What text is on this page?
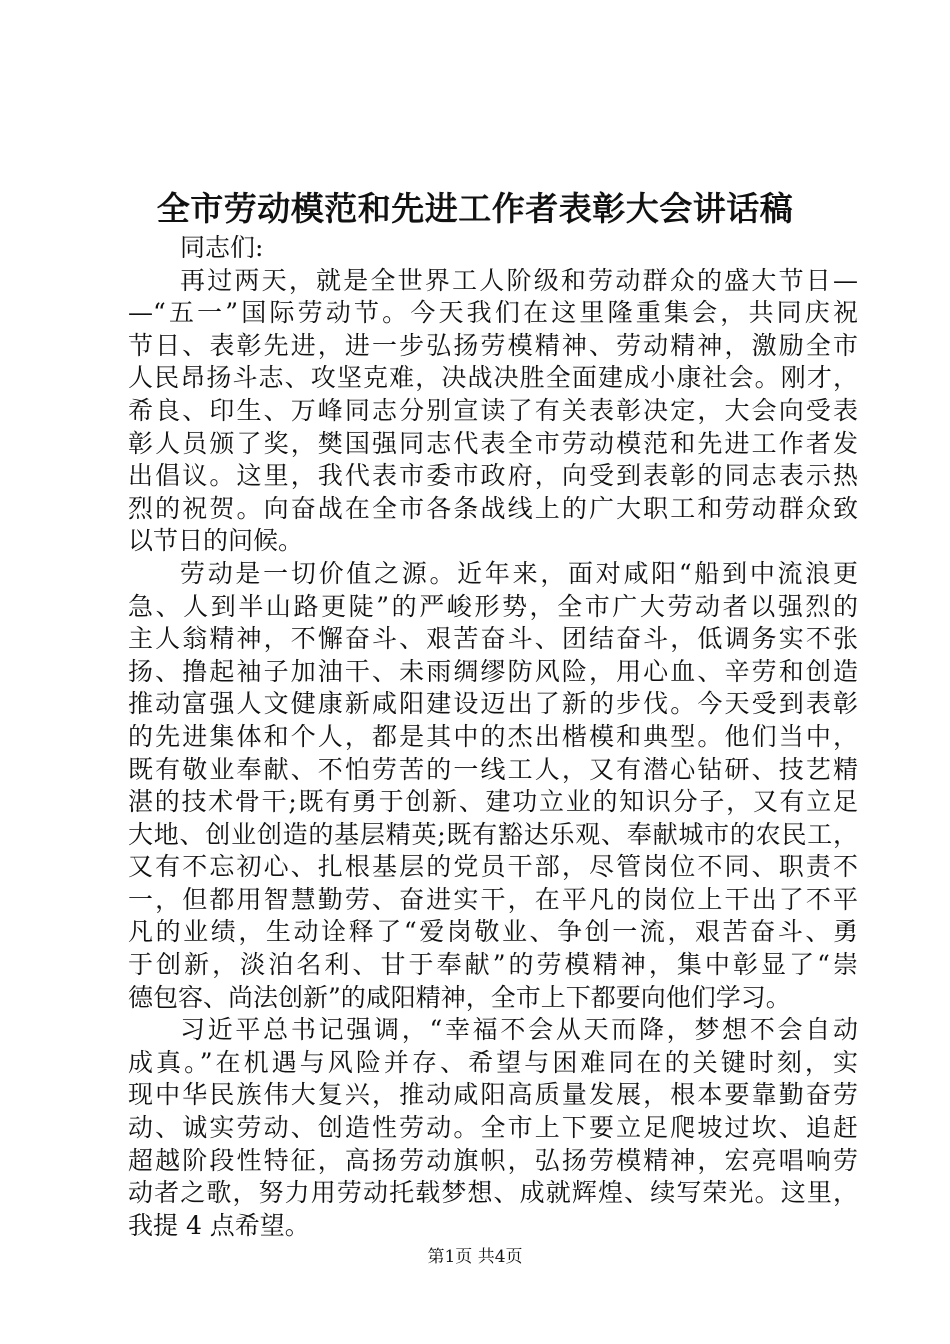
全市劳动模范和先进工作者表彰大会讲话稿
同志们:
再过两天，就是全世界工人阶级和劳动群众的盛大节日—
—“五一”国际劳动节。今天我们在这里隆重集会，共同庆祝
节日、表彰先进，进一步弘扬劳模精神、劳动精神，激励全市
人民昂扬斗志、攻坚克难，决战决胜全面建成小康社会。刚才，
希良、印生、万峰同志分别宣读了有关表彰决定，大会向受表
彰人员颁了奖，樊国强同志代表全市劳动模范和先进工作者发
出倡议。这里，我代表市委市政府，向受到表彰的同志表示热
烈的祝贺。向奋战在全市各条战线上的广大职工和劳动群众致
以节日的问候。
劳动是一切价值之源。近年来，面对咸阳“船到中流浪更
急、人到半山路更陡”的严峻形势，全市广大劳动者以强烈的
主人翁精神，不懈奋斗、艰苦奋斗、团结奋斗，低调务实不张
扬、撸起袖子加油干、未雨绸缪防风险，用心血、辛劳和创造
推动富强人文健康新咸阳建设迈出了新的步伐。今天受到表彰
的先进集体和个人，都是其中的杰出楷模和典型。他们当中，
既有敬业奉献、不怕劳苦的一线工人，又有潜心钻研、技艺精
湛的技术骨干;既有勇于创新、建功立业的知识分子，又有立足
大地、创业创造的基层精英;既有豁达乐观、奉献城市的农民工，
又有不忘初心、扎根基层的党员干部，尽管岗位不同、职责不
一，但都用智慧勤劳、奋进实干，在平凡的岗位上干出了不平
凡的业绩，生动诠释了“爱岗敬业、争创一流，艰苦奋斗、勇
于创新，淡泊名利、甘于奉献”的劳模精神，集中彰显了“崇
德包容、尚法创新”的咸阳精神，全市上下都要向他们学习。
习近平总书记强调，“幸福不会从天而降，梦想不会自动
成真。”在机遇与风险并存、希望与困难同在的关键时刻，实
现中华民族伟大复兴，推动咸阳高质量发展，根本要靠勤奋劳
动、诚实劳动、创造性劳动。全市上下要立足爬坡过坎、追赶
超越阶段性特征，高扬劳动旗帜，弘扬劳模精神，宏亮唱响劳
动者之歌，努力用劳动托载梦想、成就辉煌、续写荣光。这里，
我提 4 点希望。
第1页 共4页
